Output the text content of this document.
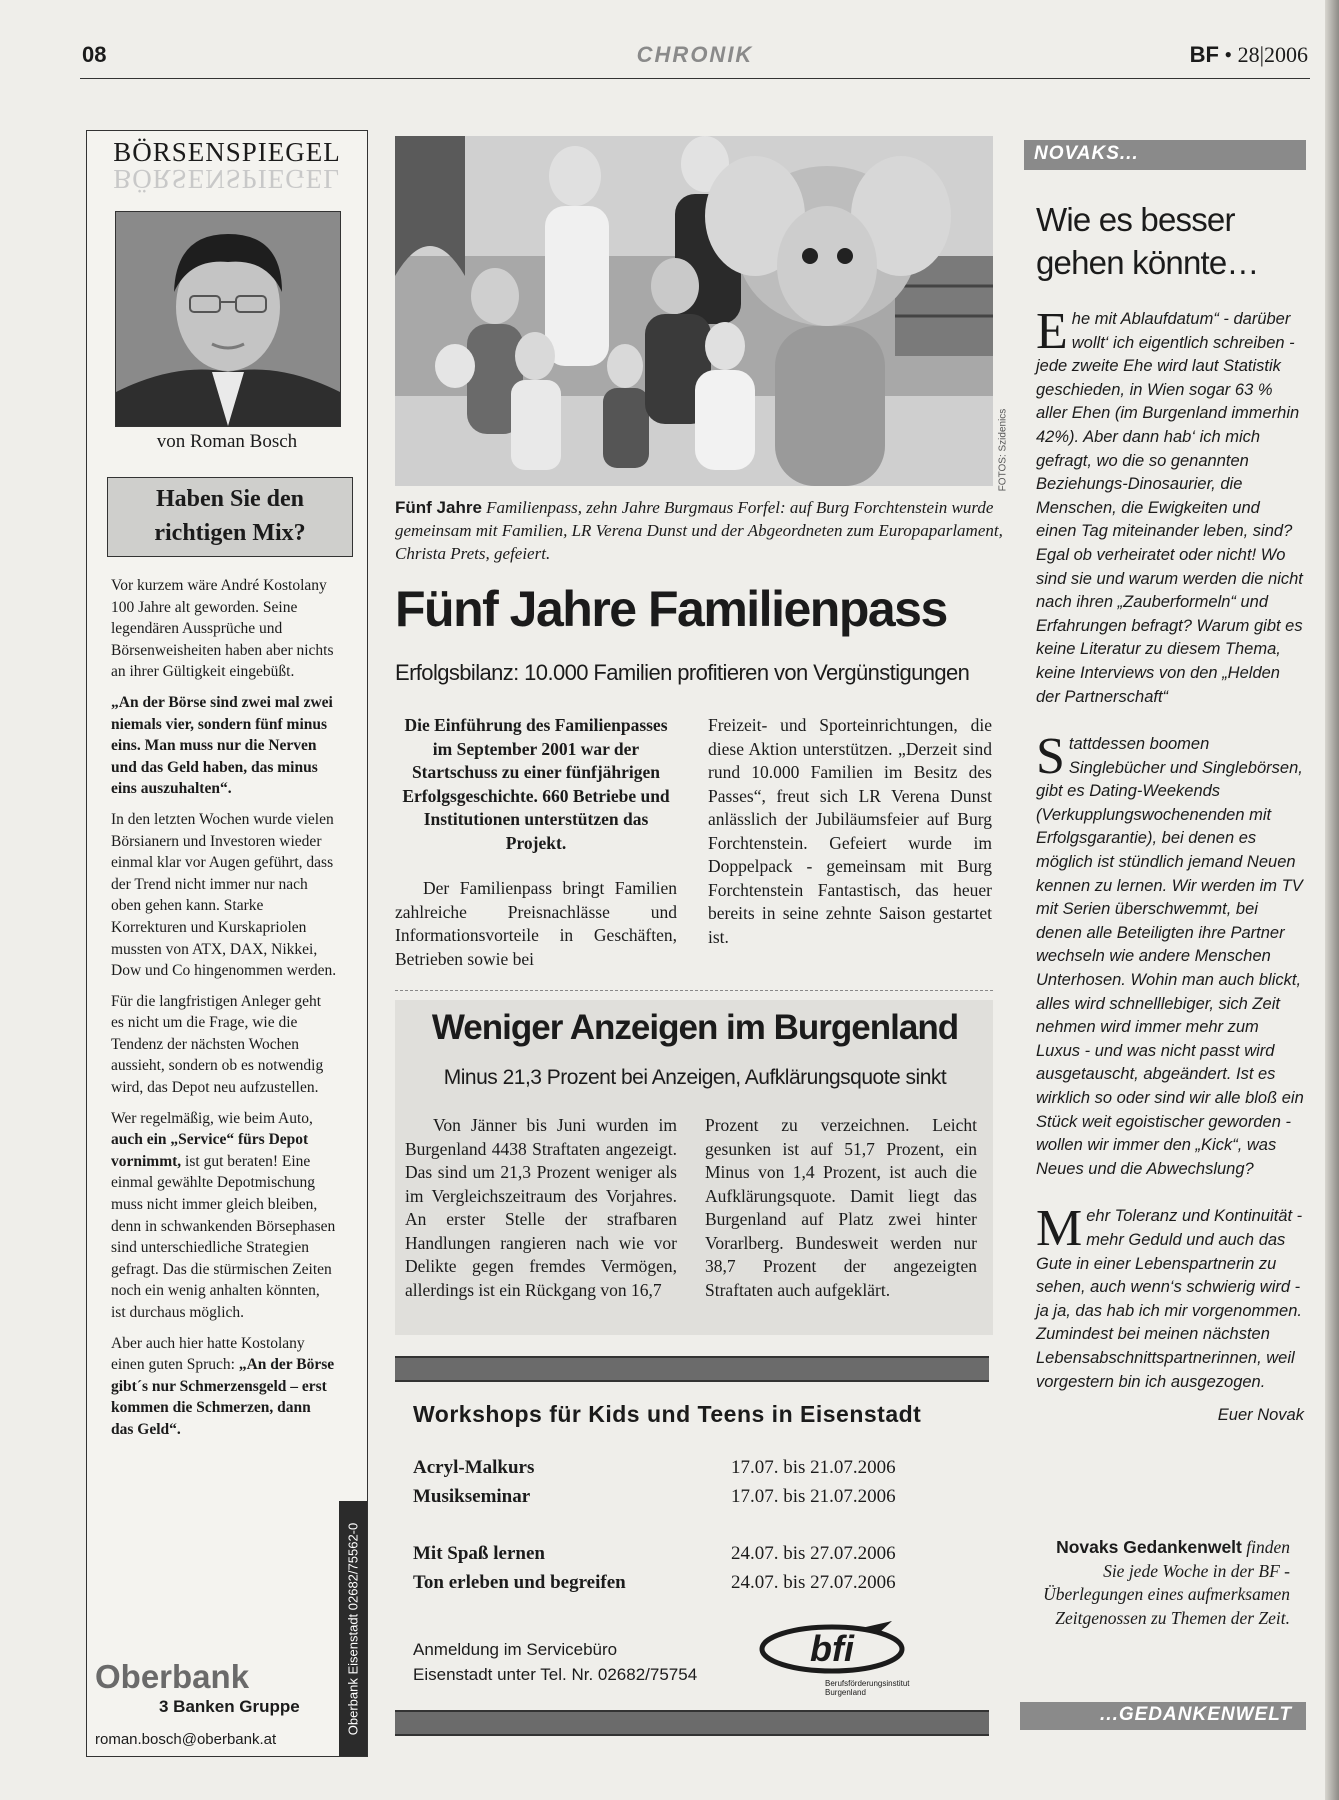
08	CHRONIK	BF • 28|2006
BÖRSENSPIEGEL
BÖRSENSPIEGEL
von Roman Bosch
Haben Sie den
richtigen Mix?

Vor kurzem wäre André Kostolany 100 Jahre alt geworden. Seine legendären Aussprüche und Börsenweisheiten haben aber nichts an ihrer Gültigkeit eingebüßt.

„An der Börse sind zwei mal zwei niemals vier, sondern fünf minus eins. Man muss nur die Nerven und das Geld haben, das minus eins auszuhalten“.

In den letzten Wochen wurde vielen Börsianern und Investoren wieder einmal klar vor Augen geführt, dass der Trend nicht immer nur nach oben gehen kann. Starke Korrekturen und Kurskapriolen mussten von ATX, DAX, Nikkei, Dow und Co hingenommen werden.

Für die langfristigen Anleger geht es nicht um die Frage, wie die Tendenz der nächsten Wochen aussieht, sondern ob es notwendig wird, das Depot neu aufzustellen.

Wer regelmäßig, wie beim Auto, auch ein „Service“ fürs Depot vornimmt, ist gut beraten! Eine einmal gewählte Depotmischung muss nicht immer gleich bleiben, denn in schwankenden Börsephasen sind unterschiedliche Strategien gefragt. Das die stürmischen Zeiten noch ein wenig anhalten könnten, ist durchaus möglich.

Aber auch hier hatte Kostolany einen guten Spruch: „An der Börse gibt´s nur Schmerzensgeld – erst kommen die Schmerzen, dann das Geld“.

Oberbank Eisenstadt 02682/75562-0
Oberbank
3 Banken Gruppe
roman.bosch@oberbank.at
FOTOS: Szidenics
Fünf Jahre Familienpass, zehn Jahre Burgmaus Forfel: auf Burg Forchtenstein wurde gemeinsam mit Familien, LR Verena Dunst und der Abgeordneten zum Europaparlament, Christa Prets, gefeiert.
Fünf Jahre Familienpass
Erfolgsbilanz: 10.000 Familien profitieren von Vergünstigungen

Die Einführung des Familienpasses im September 2001 war der Startschuss zu einer fünfjährigen Erfolgsgeschichte. 660 Betriebe und Institutionen unterstützen das Projekt.

Der Familienpass bringt Familien zahlreiche Preisnachlässe und Informationsvorteile in Geschäften, Betrieben sowie bei

Freizeit- und Sporteinrichtungen, die diese Aktion unterstützen. „Derzeit sind rund 10.000 Familien im Besitz des Passes“, freut sich LR Verena Dunst anlässlich der Jubiläumsfeier auf Burg Forchtenstein. Gefeiert wurde im Doppelpack - gemeinsam mit Burg Forchtenstein Fantastisch, das heuer bereits in seine zehnte Saison gestartet ist.

Weniger Anzeigen im Burgenland
Minus 21,3 Prozent bei Anzeigen, Aufklärungsquote sinkt

Von Jänner bis Juni wurden im Burgenland 4438 Straftaten angezeigt. Das sind um 21,3 Prozent weniger als im Vergleichszeitraum des Vorjahres. An erster Stelle der strafbaren Handlungen rangieren nach wie vor Delikte gegen fremdes Vermögen, allerdings ist ein Rückgang von 16,7

Prozent zu verzeichnen. Leicht gesunken ist auf 51,7 Prozent, ein Minus von 1,4 Prozent, ist auch die Aufklärungsquote. Damit liegt das Burgenland auf Platz zwei hinter Vorarlberg. Bundesweit werden nur 38,7 Prozent der angezeigten Straftaten auch aufgeklärt.

Workshops für Kids und Teens in Eisenstadt
Acryl-Malkurs	17.07. bis 21.07.2006
Musikseminar	17.07. bis 21.07.2006
Mit Spaß lernen	24.07. bis 27.07.2006
Ton erleben und begreifen	24.07. bis 27.07.2006
Anmeldung im Servicebüro
Eisenstadt unter Tel. Nr. 02682/75754
bfi
Berufsförderungsinstitut
Burgenland
NOVAKS...
Wie es besser gehen könnte…

Ehe mit Ablaufdatum“ - darüber wollt‘ ich eigentlich schreiben - jede zweite Ehe wird laut Statistik geschieden, in Wien sogar 63 % aller Ehen (im Burgenland immerhin 42%). Aber dann hab‘ ich mich gefragt, wo die so genannten Beziehungs-Dinosaurier, die Menschen, die Ewigkeiten und einen Tag miteinander leben, sind? Egal ob verheiratet oder nicht! Wo sind sie und warum werden die nicht nach ihren „Zauberformeln“ und Erfahrungen befragt? Warum gibt es keine Literatur zu diesem Thema, keine Interviews von den „Helden der Partnerschaft“

Stattdessen boomen Singlebücher und Singlebörsen, gibt es Dating-Weekends (Verkupplungswochenenden mit Erfolgsgarantie), bei denen es möglich ist stündlich jemand Neuen kennen zu lernen. Wir werden im TV mit Serien überschwemmt, bei denen alle Beteiligten ihre Partner wechseln wie andere Menschen Unterhosen. Wohin man auch blickt, alles wird schnelllebiger, sich Zeit nehmen wird immer mehr zum Luxus - und was nicht passt wird ausgetauscht, abgeändert. Ist es wirklich so oder sind wir alle bloß ein Stück weit egoistischer geworden - wollen wir immer den „Kick“, was Neues und die Abwechslung?

Mehr Toleranz und Kontinuität - mehr Geduld und auch das Gute in einer Lebenspartnerin zu sehen, auch wenn‘s schwierig wird - ja ja, das hab ich mir vorgenommen. Zumindest bei meinen nächsten Lebensabschnittspartnerinnen, weil vorgestern bin ich ausgezogen.

Euer Novak

Novaks Gedankenwelt finden Sie jede Woche in der BF - Überlegungen eines aufmerksamen Zeitgenossen zu Themen der Zeit.
...GEDANKENWELT
